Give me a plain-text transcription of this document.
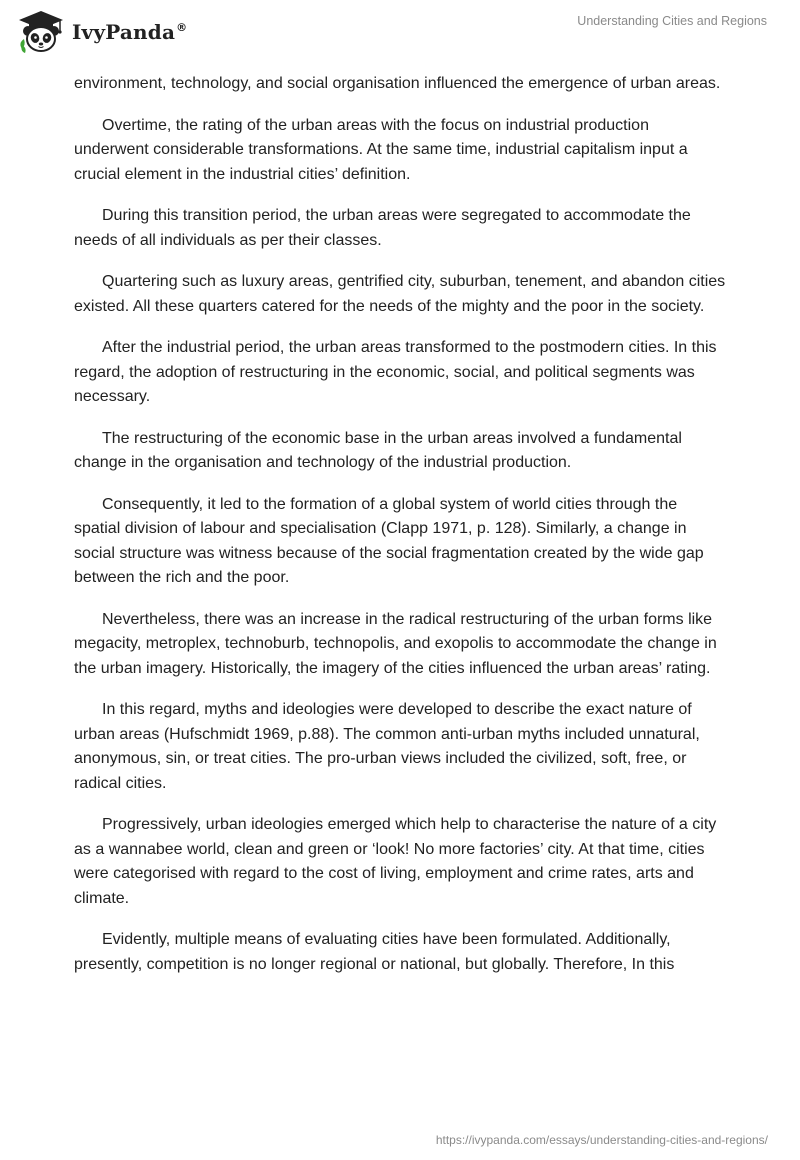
IvyPanda®	Understanding Cities and Regions

environment, technology, and social organisation influenced the emergence of urban areas.

Overtime, the rating of the urban areas with the focus on industrial production underwent considerable transformations. At the same time, industrial capitalism input a crucial element in the industrial cities’ definition.

During this transition period, the urban areas were segregated to accommodate the needs of all individuals as per their classes.

Quartering such as luxury areas, gentrified city, suburban, tenement, and abandon cities existed. All these quarters catered for the needs of the mighty and the poor in the society.

After the industrial period, the urban areas transformed to the postmodern cities. In this regard, the adoption of restructuring in the economic, social, and political segments was necessary.

The restructuring of the economic base in the urban areas involved a fundamental change in the organisation and technology of the industrial production.

Consequently, it led to the formation of a global system of world cities through the spatial division of labour and specialisation (Clapp 1971, p. 128). Similarly, a change in social structure was witness because of the social fragmentation created by the wide gap between the rich and the poor.

Nevertheless, there was an increase in the radical restructuring of the urban forms like megacity, metroplex, technoburb, technopolis, and exopolis to accommodate the change in the urban imagery. Historically, the imagery of the cities influenced the urban areas’ rating.

In this regard, myths and ideologies were developed to describe the exact nature of urban areas (Hufschmidt 1969, p.88). The common anti-urban myths included unnatural, anonymous, sin, or treat cities. The pro-urban views included the civilized, soft, free, or radical cities.

Progressively, urban ideologies emerged which help to characterise the nature of a city as a wannabee world, clean and green or ‘look! No more factories’ city. At that time, cities were categorised with regard to the cost of living, employment and crime rates, arts and climate.

Evidently, multiple means of evaluating cities have been formulated. Additionally, presently, competition is no longer regional or national, but globally. Therefore, In this

https://ivypanda.com/essays/understanding-cities-and-regions/
